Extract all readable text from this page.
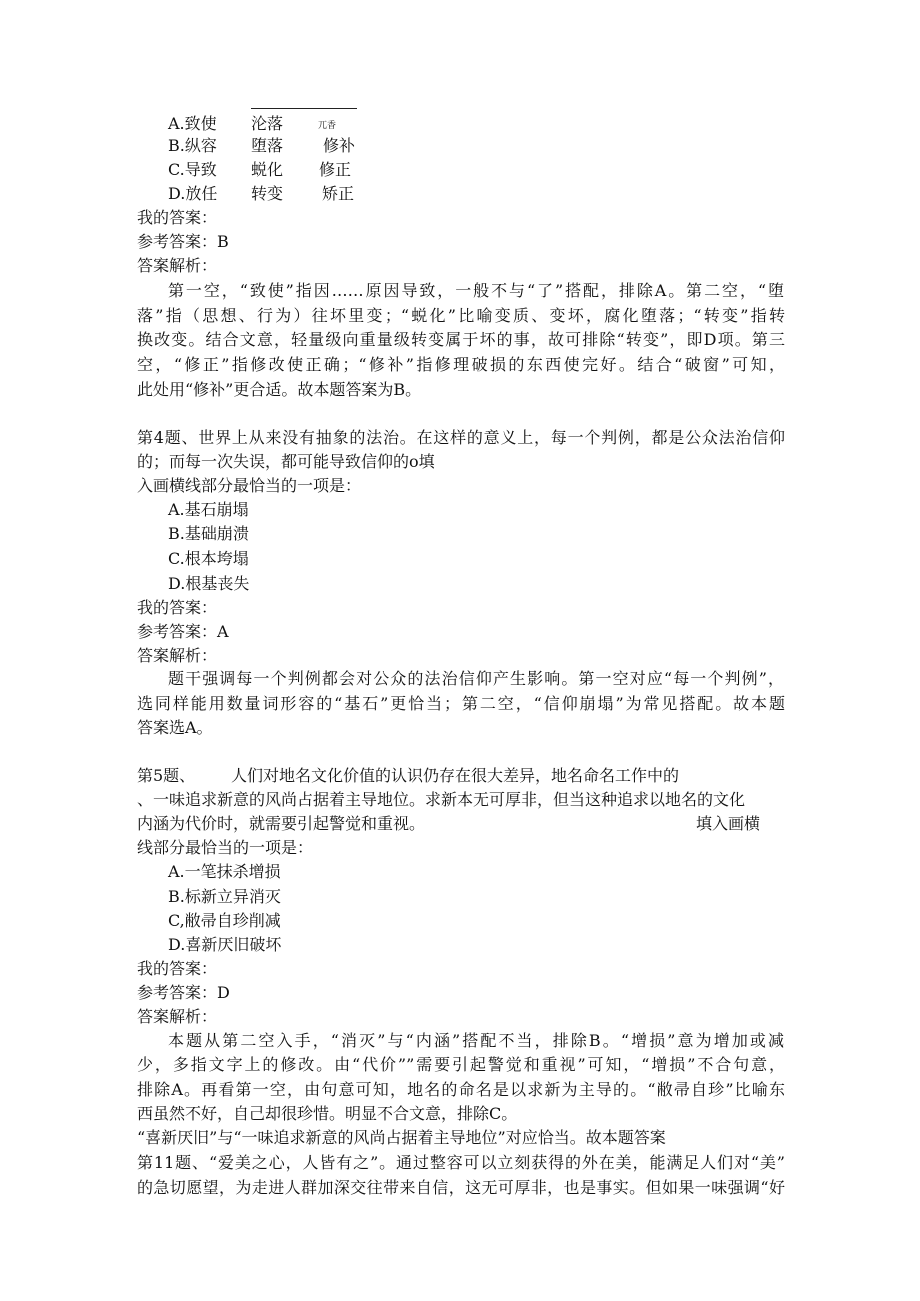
A.致使 沦落	兀香
B.纵容 堕落 修补
C.导致 蜕化 修正
D.放任 转变 矫正
我的答案：
参考答案：B
答案解析：
第一空，“致使”指因……原因导致，一般不与“了”搭配，排除A。第二空，“堕
落”指（思想、行为）往坏里变；“蜕化”比喻变质、变坏，腐化堕落；“转变”指转
换改变。结合文意，轻量级向重量级转变属于坏的事，故可排除“转变”，即D项。第三
空，“修正”指修改使正确；“修补”指修理破损的东西使完好。结合“破窗”可知，
此处用“修补”更合适。故本题答案为B。
第4题、世界上从来没有抽象的法治。在这样的意义上，每一个判例，都是公众法治信仰
的；而每一次失误，都可能导致信仰的o填
入画横线部分最恰当的一项是：
A.基石崩塌
B.基础崩溃
C.根本垮塌
D.根基丧失
我的答案：
参考答案：A
答案解析：
题干强调每一个判例都会对公众的法治信仰产生影响。第一空对应“每一个判例”，
选同样能用数量词形容的“基石”更恰当；第二空，“信仰崩塌”为常见搭配。故本题
答案选A。
第5题、 人们对地名文化价值的认识仍存在很大差异，地名命名工作中的
、一味追求新意的风尚占据着主导地位。求新本无可厚非，但当这种追求以地名的文化
内涵为代价时，就需要引起警觉和重视。	填入画横
线部分最恰当的一项是：
A.一笔抹杀增损
B.标新立异消灭
C,敝帚自珍削减
D.喜新厌旧破坏
我的答案：
参考答案：D
答案解析：
本题从第二空入手，“消灭”与“内涵”搭配不当，排除B。“增损”意为增加或减
少，多指文字上的修改。由“代价””需要引起警觉和重视”可知，“增损”不合句意，
排除A。再看第一空，由句意可知，地名的命名是以求新为主导的。“敝帚自珍”比喻东
西虽然不好，自己却很珍惜。明显不合文意，排除C。
“喜新厌旧”与“一味追求新意的风尚占据着主导地位”对应恰当。故本题答案
第11题、“爱美之心，人皆有之”。通过整容可以立刻获得的外在美，能满足人们对“美”
的急切愿望，为走进人群加深交往带来自信，这无可厚非，也是事实。但如果一味强调“好
